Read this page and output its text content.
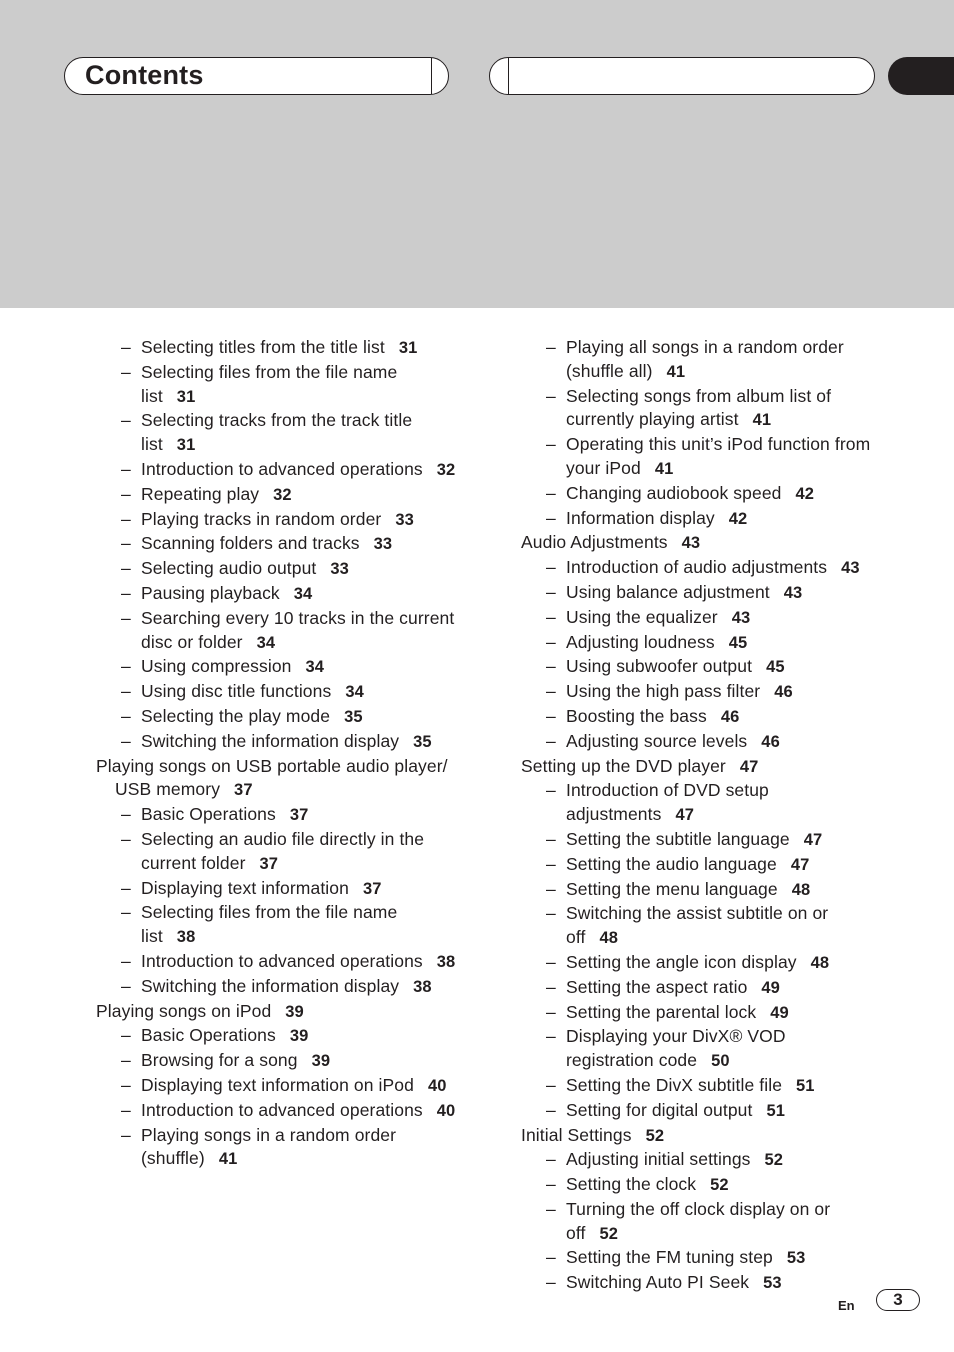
Contents
– Selecting titles from the title list 31
– Selecting files from the file name list 31
– Selecting tracks from the track title list 31
– Introduction to advanced operations 32
– Repeating play 32
– Playing tracks in random order 33
– Scanning folders and tracks 33
– Selecting audio output 33
– Pausing playback 34
– Searching every 10 tracks in the current disc or folder 34
– Using compression 34
– Using disc title functions 34
– Selecting the play mode 35
– Switching the information display 35
Playing songs on USB portable audio player/ USB memory 37
– Basic Operations 37
– Selecting an audio file directly in the current folder 37
– Displaying text information 37
– Selecting files from the file name list 38
– Introduction to advanced operations 38
– Switching the information display 38
Playing songs on iPod 39
– Basic Operations 39
– Browsing for a song 39
– Displaying text information on iPod 40
– Introduction to advanced operations 40
– Playing songs in a random order (shuffle) 41
– Playing all songs in a random order (shuffle all) 41
– Selecting songs from album list of currently playing artist 41
– Operating this unit’s iPod function from your iPod 41
– Changing audiobook speed 42
– Information display 42
Audio Adjustments 43
– Introduction of audio adjustments 43
– Using balance adjustment 43
– Using the equalizer 43
– Adjusting loudness 45
– Using subwoofer output 45
– Using the high pass filter 46
– Boosting the bass 46
– Adjusting source levels 46
Setting up the DVD player 47
– Introduction of DVD setup adjustments 47
– Setting the subtitle language 47
– Setting the audio language 47
– Setting the menu language 48
– Switching the assist subtitle on or off 48
– Setting the angle icon display 48
– Setting the aspect ratio 49
– Setting the parental lock 49
– Displaying your DivX® VOD registration code 50
– Setting the DivX subtitle file 51
– Setting for digital output 51
Initial Settings 52
– Adjusting initial settings 52
– Setting the clock 52
– Turning the off clock display on or off 52
– Setting the FM tuning step 53
– Switching Auto PI Seek 53
En	3
